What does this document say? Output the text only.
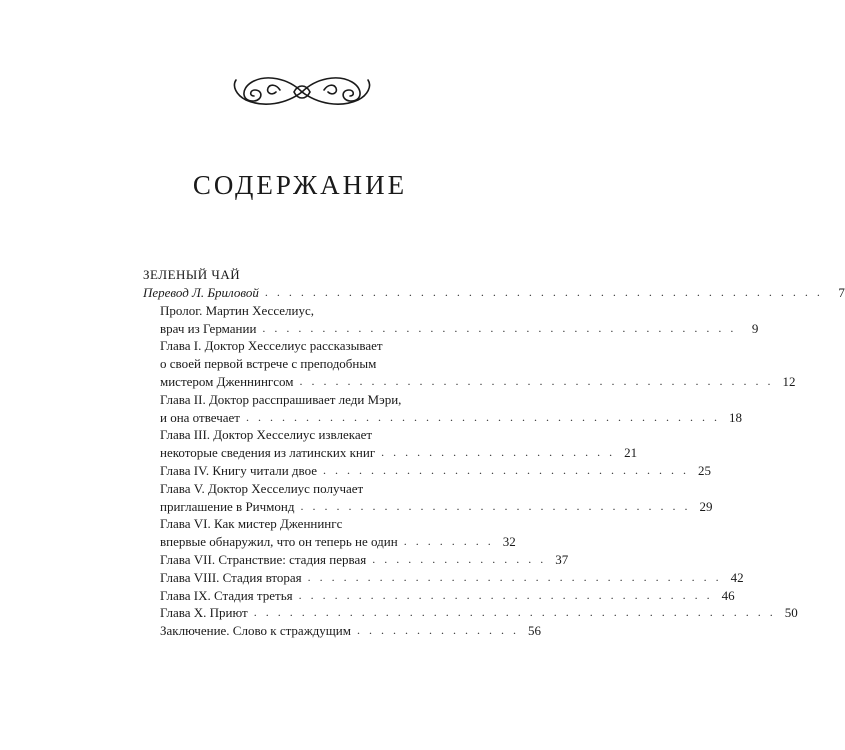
СОДЕРЖАНИЕ
ЗЕЛЕНЫЙ ЧАЙ
Перевод Л. Бриловой . . . . . . . . . . . . . . . . . . . . . . . . . . . . . . . . . . . . . . . . . . . . . . .	7
Пролог. Мартин Хесселиус,
врач из Германии . . . . . . . . . . . . . . . . . . . . . . . . . . . . . . . . . . . . . . . .	9
Глава I. Доктор Хесселиус рассказывает
о своей первой встрече с преподобным
мистером Дженнингсом . . . . . . . . . . . . . . . . . . . . . . . . . . . . . . . . . . . . . . . . 12
Глава II. Доктор расспрашивает леди Мэри,
и она отвечает . . . . . . . . . . . . . . . . . . . . . . . . . . . . . . . . . . . . . . . . 18
Глава III. Доктор Хесселиус извлекает
некоторые сведения из латинских книг . . . . . . . . . . . . . . . . . . . . 21
Глава IV. Книгу читали двое . . . . . . . . . . . . . . . . . . . . . . . . . . . . . . . 25
Глава V. Доктор Хесселиус получает
приглашение в Ричмонд . . . . . . . . . . . . . . . . . . . . . . . . . . . . . . . . . 29
Глава VI. Как мистер Дженнингс
впервые обнаружил, что он теперь не один . . . . . . . . 32
Глава VII. Странствие: стадия первая . . . . . . . . . . . . . . . 37
Глава VIII. Стадия вторая . . . . . . . . . . . . . . . . . . . . . . . . . . . . . . . . . . . 42
Глава IX. Стадия третья . . . . . . . . . . . . . . . . . . . . . . . . . . . . . . . . . . . 46
Глава X. Приют . . . . . . . . . . . . . . . . . . . . . . . . . . . . . . . . . . . . . . . . . . . . 50
Заключение. Слово к страждущим . . . . . . . . . . . . . . 56
